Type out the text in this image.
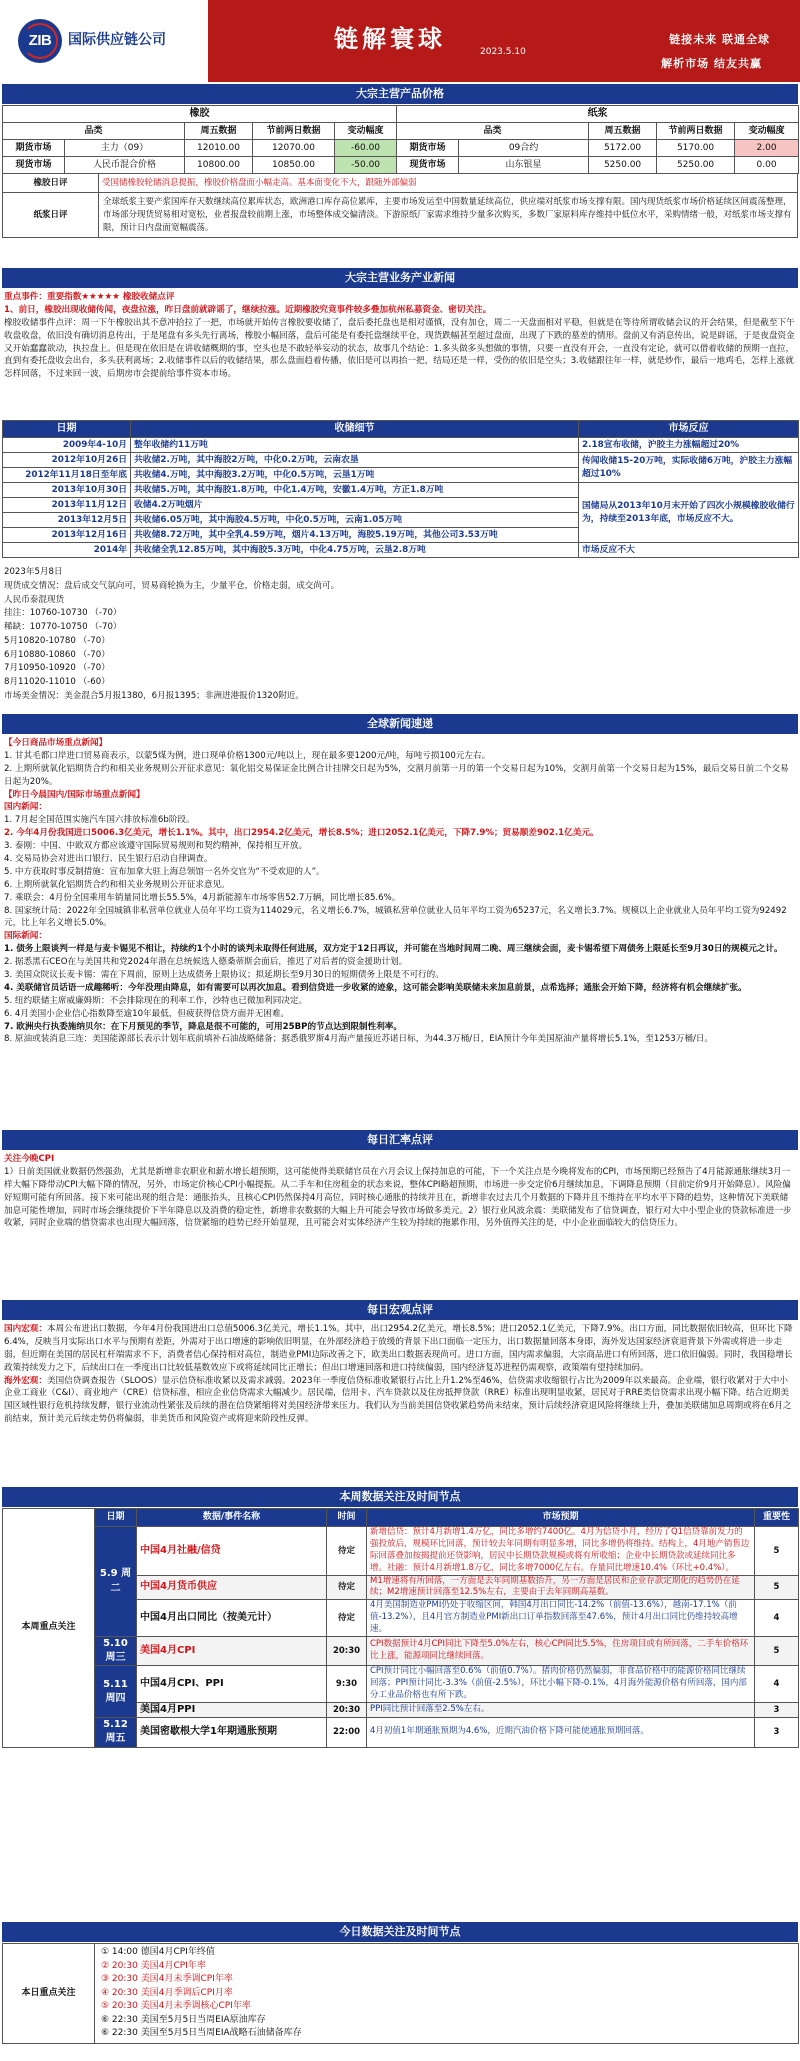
ZIB 国际供应链公司	链解寰球	2023.5.10
链接未来 联通全球
解析市场 结友共赢
大宗主营产品价格
橡胶					纸浆				
品类		周五数据	节前两日数据	变动幅度	品类		周五数据	节前两日数据	变动幅度
期货市场	主力（09）	12010.00	12070.00	-60.00	期货市场	09合约	5172.00	5170.00	2.00
现货市场	人民币混合价格	10800.00	10850.00	-50.00	现货市场	山东银星	5250.00	5250.00	0.00
橡胶日评	受国储橡胶轮储消息提振，橡胶价格盘面小幅走高。基本面变化不大，跟随外部偏弱
纸浆日评	全球纸浆主要产浆国库存天数继续高位累库状态，欧洲港口库存高位累库，主要市场发运至中国数量延续高位，供应端对纸浆市场支撑有限。国内现货纸浆市场价格延续区间震荡整理，市场部分现货贸易相对宽松，业者报盘较前期上涨，市场整体成交偏清淡。下游原纸厂家需求维持少量多次购买，多数厂家原料库存维持中低位水平，采购情绪一般，对纸浆市场支撑有限，预计日内盘面宽幅震荡。
大宗主营业务产业新闻

重点事件：重要指数★★★★★ 橡胶收储点评

1、前日，橡胶出现收储传闻，夜盘拉涨，昨日盘前就辟谣了，继续拉涨。近期橡胶究竟事件较多叠加杭州私募资金、密切关注。

橡胶收储事件点评：周一下午橡胶出其不意冲拾拉了一把，市场就开始传言橡胶要收储了，盘后委托盘也是相对谨慎，没有加仓，周二一天盘面相对平稳，但就是在等待所谓收储会议的开会结果，但是截至下午收盘收盘，依旧没有确切消息传出，于是尾盘有多头先行离场，橡胶小幅回落，盘后可能是有委托盘继续平仓，现货跌幅甚至超过盘面，出现了下跌的墓差的情形。盘前又有消息传出，说是辟谣，于是夜盘资金又开始蠢蠢欲动，执拉盘上。但是现在依旧是在讲收储概期的事，空头也是不敢轻举妄动的状态，故事几个结论：1.多头做多头想做的事情，只要一直没有开会，一直没有定论，就可以借着收储的预期一直拉，直到有委托盘收会出台，多头获利离场；2.收储事件以后的收储结果，那么盘面趋着传播，依旧是可以再抬一把，结局还是一样，受伤的依旧是空头；3.收储跟往年一样，就是炒作，最后一地鸡毛，怎样上涨就怎样回落，不过来回一波，后期房市会提前给事件资本市场。

日期	收储细节	市场反应
2009年4-10月	整年收储约11万吨	2.18宣布收储，沪胶主力涨幅超过20%
2012年10月26日	共收储2.万吨，其中海胶2万吨，中化0.2万吨，云南农垦	传闻收储15-20万吨，实际收储6万吨，沪胶主力涨幅超过10%
2012年11月18日至年底	共收储4.万吨，其中海胶3.2万吨，中化0.5万吨，云垦1万吨	
2013年10月30日	共收储5.万吨，其中海胶1.8万吨，中化1.4万吨，安徽1.4万吨，方正1.8万吨	国储局从2013年10月末开始了四次小规模橡胶收储行为，持续至2013年底，市场反应不大。
2013年11月12日	收储4.2万吨烟片	
2013年12月5日	共收储6.05万吨，其中海胶4.5万吨，中化0.5万吨，云南1.05万吨	
2013年12月16日	共收储8.72万吨，其中全乳4.59万吨，烟片4.13万吨，海胶5.19万吨，其他公司3.53万吨	
2014年	共收储全乳12.85万吨，其中海胶5.3万吨，中化4.75万吨，云垦2.8万吨	市场反应不大

2023年5月8日

现货成交情况：盘后成交气氛向可，贸易商轮换为主，少量平仓，价格走弱，成交尚可。

人民币泰混现货

挂注：10760-10730 （-70）

稀缺：10770-10750 （-70）

5月10820-10780 （-70）

6月10880-10860 （-70）

7月10950-10920 （-70）

8月11020-11010 （-60）

市场美金情况：美金混合5月报1380，6月报1395；非洲进港报价1320附近。

全球新闻速递

【今日商品市场重点新闻】

1. 甘其毛都口岸进口贸易商表示，以蒙5煤为例，进口现单价格1300元/吨以上，现在最多要1200元/吨，每吨亏损100元左右。

2. 上期所就氧化铝期货合约和相关业务规则公开征求意见：氧化铝交易保证金比例合计挂牌交日起为5%，交割月前第一月的第一个交易日起为10%，交割月前第一个交易日起为15%，最后交易日前二个交易日起为20%。

【昨日今晨国内/国际市场重点新闻】

国内新闻：

1. 7月起全国范围实施汽车国六排放标准6b阶段。

2. 今年4月份我国进口5006.3亿美元，增长1.1%。其中，出口2954.2亿美元，增长8.5%；进口2052.1亿美元，下降7.9%；贸易顺差902.1亿美元。

3. 泰刚：中国、中欧双方都应该遵守国际贸易规则和契约精神，保持相互开放。

4. 交易局协会对进出口银行、民生银行启动自律调查。

5. 中方获取时事反制措施：宣布加拿大驻上海总领馆一名外交官为“不受欢迎的人”。

6. 上期所就氧化铝期货合约和相关业务规则公开征求意见。

7. 乘联会：4月份全国乘用车销量同比增长55.5%，4月新能源车市场零售52.7万辆，同比增长85.6%。

8. 国家统计局：2022年全国城镇非私营单位就业人员年平均工资为114029元，名义增长6.7%，城镇私营单位就业人员年平均工资为65237元，名义增长3.7%。规模以上企业就业人员年平均工资为92492元，比上年名义增长5.0%。

国际新闻：

1. 债务上限谈判一样是与麦卡锡见不相让，持续约1个小时的谈判未取得任何进展，双方定于12日再议，并可能在当地时间周二晚、周三继续会面，麦卡锡希望下周债务上限延长至9月30日的规模元之计。

2. 据悉黑石CEO在与美国共和党2024年潜在总统候选人德桑蒂斯会面后，推迟了对后者的资金援助计划。

3. 美国众院议长麦卡锡：需在下周前，原则上达成债务上限协议；拟延期长至9月30日的短期债务上限是不可行的。

4. 美联储官员话语一成趣稀听：今年没理由降息，如有需要可以再次加息。看到信贷进一步收紧的迹象，这可能会影响美联储未来加息前景，点希选择；通胀会开始下降，经济将有机会继续扩张。

5. 纽约联储主席威廉姆斯：不会排除现在的利率工作，沙特也已微加利同决定。

6. 4月美国小企业信心指数降至逾10年最低，但疲获得信贷方面并无困难。

7. 欧洲央行执委施纳贝尔：在下月预见的季节，降息是很不可能的，可用25BP的节点达到限制性利率。

8. 原油或装消息三连：美国能源部长表示计划年底前填补石油战略储备；据悉俄罗斯4月海产量接近苏诺日标，为44.3万桶/日，EIA预计今年美国原油产量将增长5.1%，至1253万桶/日。

每日汇率点评

关注今晚CPI

1）日前美国就业数据仍然强劲，尤其是新增非农职业和薪水增长超预期，这可能使得美联储官员在六月会议上保持加息的可能，下一个关注点是今晚将发布的CPI，市场预期已经预告了4月能源通胀继续3月一样大幅下降带动CPI大幅下降的情况，另外，市场定价核心CPI小幅提振。从二手车和住房租金的状态来说，整体CPI略超预期，市场进一步交定价6月继续加息，下调降息预期（目前定价9月开始降息）。风险偏好短期可能有所回落。接下来可能出现的组合是：通胀抬头，且核心CPI仍然保持4月高位，同时核心通胀的持续并且在，新增非农过去几个月数据的下降并且不维持在平均水平下降的趋势，这种情况下美联储加息可能性增加，同时市场会继续提价下半年降息以及消费的稳定性，新增非农数据的大幅上升可能会导致市场做多美元。2）银行业风波余震：美联储发布了信贷调查，银行对大中小型企业的贷款标准进一步收紧，同时企业端的借贷需求也出现大幅回落，信贷紧缩的趋势已经开始显现，且可能会对实体经济产生较为持续的拖累作用，另外值得关注的是，中小企业面临较大的信贷压力。

每日宏观点评

国内宏观：本周公布进出口数据，今年4月份我国进出口总值5006.3亿美元，增长1.1%。其中，出口2954.2亿美元，增长8.5%；进口2052.1亿美元，下降7.9%。出口方面，同比数据依旧较高，但环比下降6.4%，反映当月实际出口水平与预期有差距，外需对于出口增速的影响依旧明显，在外部经济趋于放缓的背景下出口面临一定压力，出口数据量回落本身即，海外发达国家经济衰退背景下外需或将进一步走弱，但近期在美国的居民杠杆端需求不下，消费者信心保持相对高位，制造业PMI边际改善之下，欧美出口数据表现尚可。进口方面，国内需求偏弱，大宗商品进口有所回落，进口依旧偏弱。同时，我国稳增长政策持续发力之下，后续出口在一季度出口比较低基数效应下或将延续同比正增长；但出口增速回落和进口持续偏弱，国内经济复苏进程仍需观察，政策端有望持续加码。

海外宏观：美国信贷调查报告（SLOOS）显示信贷标准收紧以及需求减弱。2023年一季度信贷标准收紧银行占比上升1.2%至46%，信贷需求收缩银行占比为2009年以来最高。企业端，银行收紧对于大中小企业工商业（C&I）、商业地产（CRE）信贷标准，相应企业信贷需求大幅减少。居民端，信用卡、汽车贷款以及住房抵押贷款（RRE）标准出现明显收紧，居民对于RRE类信贷需求出现小幅下降。结合近期美国区域性银行危机持续发酵，银行业流动性紧张及后续的潜在信贷紧缩将对美国经济带来压力。我们认为当前美国信贷收紧趋势尚未结束，预计后续经济衰退风险将继续上升，叠加美联储加息周期或将在6月之前结束，预计美元后续走势仍将偏弱，非美货币和风险资产或将迎来阶段性反弹。

本周数据关注及时间节点
本周重点关注	日期	数据/事件名称	时间	市场预期	重要性
	5.9 周二	中国4月社融/信贷	待定	新增信贷：预计4月新增1.4万亿，同比多增约7400亿。4月为信贷小月，经历了Q1信贷靠前发力的强投放后，规模环比回落，预计较去年同期有明显多增，同比多增仍将维持。结构上，4月地产销售边际回落叠加按揭提前还贷影响，居民中长期贷款规模或将有所收缩；企业中长期贷款或延续同比多增。社融：预计4月新增1.8万亿，同比多增7000亿左右。存量同比增速10.4%（环比+0.4%）。	5
		中国4月货币供应	待定	M1增速将有所回落，一方面是去年同期基数抬升，另一方面是居民和企业存款定期化的趋势仍在延续；M2增速预计回落至12.5%左右，主要由于去年同期高基数。	5
		中国4月出口同比（按美元计）	待定	4月美国制造业PMI仍处于收缩区间，韩国4月出口同比-14.2%（前值-13.6%），越南-17.1%（前值-13.2%），且4月官方制造业PMI新出口订单指数回落至47.6%，预计4月出口同比仍维持较高增速。	4
	5.10 周三	美国4月CPI	20:30	CPI数据预计4月CPI同比下降至5.0%左右，核心CPI同比5.5%，住房项目或有所回落，二手车价格环比上涨，能源项同比继续回落。	5
	5.11 周四	中国4月CPI、PPI	9:30	CPI预计同比小幅回落至0.6%（前值0.7%）。猪肉价格仍然偏弱，非食品价格中的能源价格同比继续回落；PPI预计同比-3.3%（前值-2.5%），环比小幅下降-0.1%，4月海外能源价格有所回落，国内部分工业品价格也有所下跌。	4
		美国4月PPI	20:30	PPI同比预计回落至2.5%左右。	3
	5.12 周五	美国密歇根大学1年期通胀预期	22:00	4月初值1年期通胀预期为4.6%，近期汽油价格下降可能使通胀预期回落。	3
今日数据关注及时间节点
本日重点关注	
① 14:00 德国4月CPI年终值
② 20:30 美国4月CPI年率
③ 20:30 美国4月未季调CPI年率
④ 20:30 美国4月季调后CPI月率
⑤ 20:30 美国4月未季调核心CPI年率
⑥ 22:30 美国至5月5日当周EIA原油库存
⑥ 22:30 美国至5月5日当周EIA战略石油储备库存
